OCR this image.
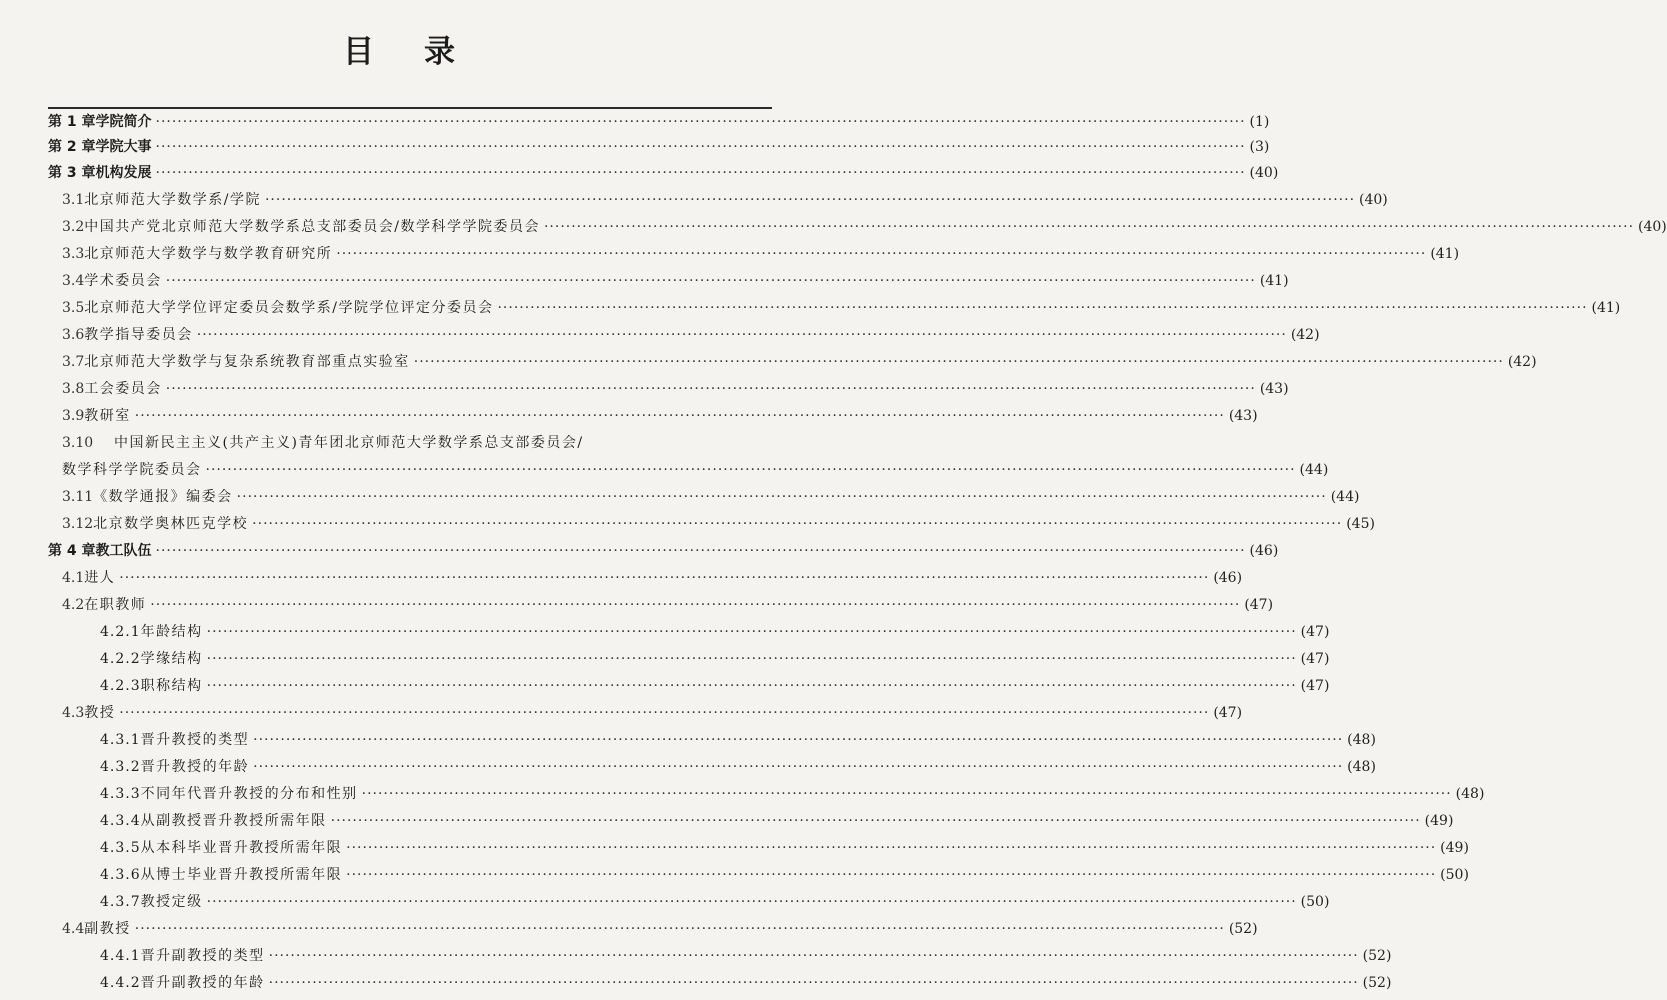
目 录
第 1 章 学院简介 ········································································································································································································ (1)
第 2 章 学院大事 ········································································································································································································ (3)
第 3 章 机构发展 ········································································································································································································ (40)
3.1 北京师范大学数学系/学院 ········································································································································································································ (40)
3.2 中国共产党北京师范大学数学系总支部委员会/数学科学学院委员会 ········································································································································································································ (40)
3.3 北京师范大学数学与数学教育研究所 ········································································································································································································ (41)
3.4 学术委员会 ········································································································································································································ (41)
3.5 北京师范大学学位评定委员会数学系/学院学位评定分委员会 ········································································································································································································ (41)
3.6 教学指导委员会 ········································································································································································································ (42)
3.7 北京师范大学数学与复杂系统教育部重点实验室 ········································································································································································································ (42)
3.8 工会委员会 ········································································································································································································ (43)
3.9 教研室 ········································································································································································································ (43)
3.10	中国新民主主义(共产主义)青年团北京师范大学数学系总支部委员会/
数学科学学院委员会 ········································································································································································································ (44)
3.11 《数学通报》编委会 ········································································································································································································ (44)
3.12 北京数学奥林匹克学校 ········································································································································································································ (45)
第 4 章 教工队伍 ········································································································································································································ (46)
4.1 进人 ········································································································································································································ (46)
4.2 在职教师 ········································································································································································································ (47)
4.2.1 年龄结构 ········································································································································································································ (47)
4.2.2 学缘结构 ········································································································································································································ (47)
4.2.3 职称结构 ········································································································································································································ (47)
4.3 教授 ········································································································································································································ (47)
4.3.1 晋升教授的类型 ········································································································································································································ (48)
4.3.2 晋升教授的年龄 ········································································································································································································ (48)
4.3.3 不同年代晋升教授的分布和性别 ········································································································································································································ (48)
4.3.4 从副教授晋升教授所需年限 ········································································································································································································ (49)
4.3.5 从本科毕业晋升教授所需年限 ········································································································································································································ (49)
4.3.6 从博士毕业晋升教授所需年限 ········································································································································································································ (50)
4.3.7 教授定级 ········································································································································································································ (50)
4.4 副教授 ········································································································································································································ (52)
4.4.1 晋升副教授的类型 ········································································································································································································ (52)
4.4.2 晋升副教授的年龄 ········································································································································································································ (52)
